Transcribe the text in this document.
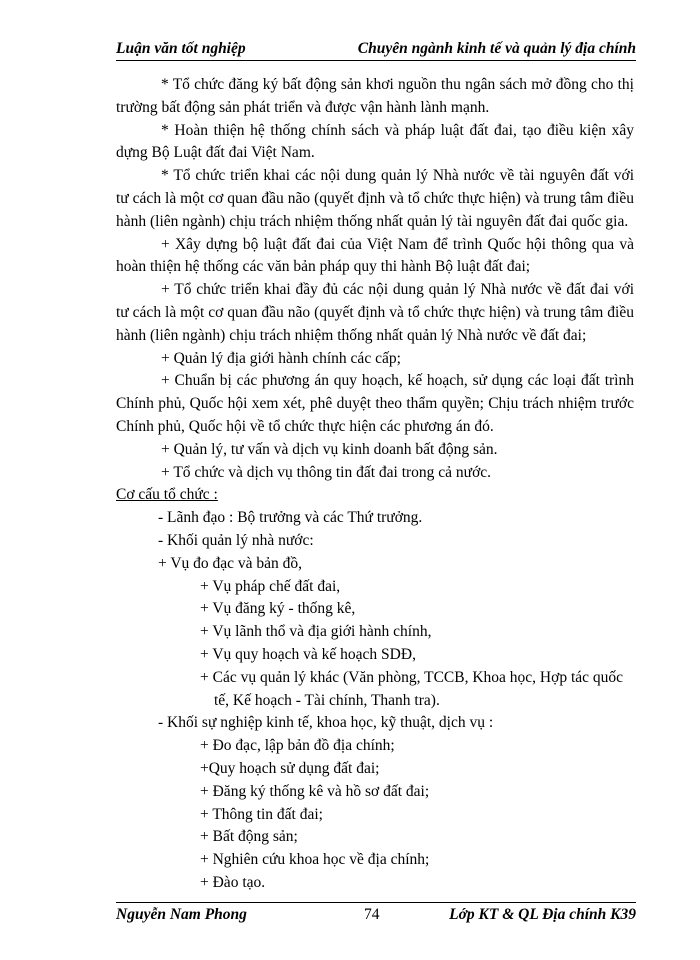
Luận văn tốt nghiệp	Chuyên ngành kinh tế và quản lý địa chính

* Tổ chức đăng ký bất động sản khơi nguồn thu ngân sách mở đồng cho thị trường bất động sản phát triển và được vận hành lành mạnh.

* Hoàn thiện hệ thống chính sách và pháp luật đất đai, tạo điều kiện xây dựng Bộ Luật đất đai Việt Nam.

* Tổ chức triển khai các nội dung quản lý Nhà nước về tài nguyên đất với tư cách là một cơ quan đầu não (quyết định và tổ chức thực hiện) và trung tâm điều hành (liên ngành) chịu trách nhiệm thống nhất quản lý tài nguyên đất đai quốc gia.

+ Xây dựng bộ luật đất đai của Việt Nam để trình Quốc hội thông qua và hoàn thiện hệ thống các văn bản pháp quy thi hành Bộ luật đất đai;

+ Tổ chức triển khai đầy đủ các nội dung quản lý Nhà nước về đất đai với tư cách là một cơ quan đầu não (quyết định và tổ chức thực hiện) và trung tâm điều hành (liên ngành) chịu trách nhiệm thống nhất quản lý Nhà nước về đất đai;

+ Quản lý địa giới hành chính các cấp;

+ Chuẩn bị các phương án quy hoạch, kế hoạch, sử dụng các loại đất trình Chính phủ, Quốc hội xem xét, phê duyệt theo thẩm quyền; Chịu trách nhiệm trước Chính phủ, Quốc hội về tổ chức thực hiện các phương án đó.

+ Quản lý, tư vấn và dịch vụ kinh doanh bất động sản.

+ Tổ chức và dịch vụ thông tin đất đai trong cả nước.

Cơ cấu tổ chức :

- Lãnh đạo : Bộ trưởng và các Thứ trưởng.

- Khối quản lý nhà nước:

+ Vụ đo đạc và bản đồ,

+ Vụ pháp chế đất đai,

+ Vụ đăng ký - thống kê,

+ Vụ lãnh thổ và địa giới hành chính,

+ Vụ quy hoạch và kế hoạch SDĐ,

+ Các vụ quản lý khác (Văn phòng, TCCB, Khoa học, Hợp tác quốc tế, Kế hoạch - Tài chính, Thanh tra).

- Khối sự nghiệp kinh tế, khoa học, kỹ thuật, dịch vụ :

+ Đo đạc, lập bản đồ địa chính;

+Quy hoạch sử dụng đất đai;

+ Đăng ký thống kê và hồ sơ đất đai;

+ Thông tin đất đai;

+ Bất động sản;

+ Nghiên cứu khoa học về địa chính;

+ Đào tạo.

Nguyễn Nam Phong	74	Lớp KT & QL Địa chính K39
